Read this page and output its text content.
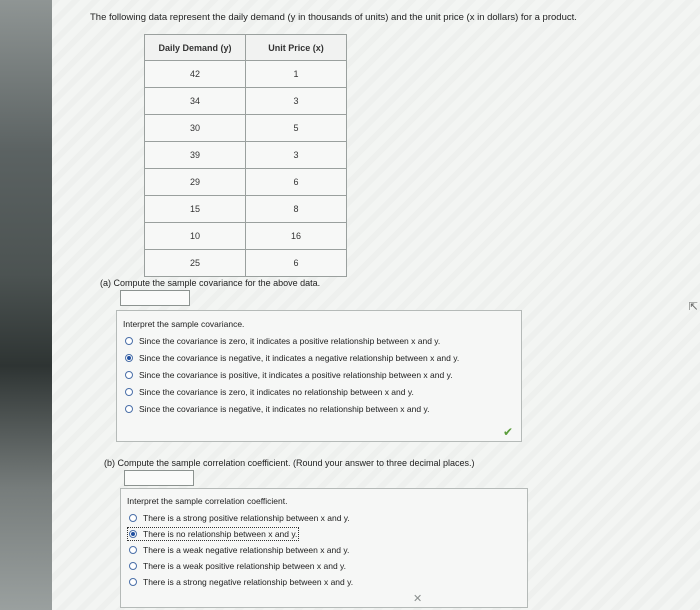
The following data represent the daily demand (y in thousands of units) and the unit price (x in dollars) for a product.
Daily Demand (y)	Unit Price (x)
42	1
34	3
30	5
39	3
29	6
15	8
10	16
25	6
(a) Compute the sample covariance for the above data.
Interpret the sample covariance.
Since the covariance is zero, it indicates a positive relationship between x and y.
Since the covariance is negative, it indicates a negative relationship between x and y.
Since the covariance is positive, it indicates a positive relationship between x and y.
Since the covariance is zero, it indicates no relationship between x and y.
Since the covariance is negative, it indicates no relationship between x and y.
✔
(b) Compute the sample correlation coefficient. (Round your answer to three decimal places.)
Interpret the sample correlation coefficient.
There is a strong positive relationship between x and y.
There is no relationship between x and y.
There is a weak negative relationship between x and y.
There is a weak positive relationship between x and y.
There is a strong negative relationship between x and y.
✕
⇱
